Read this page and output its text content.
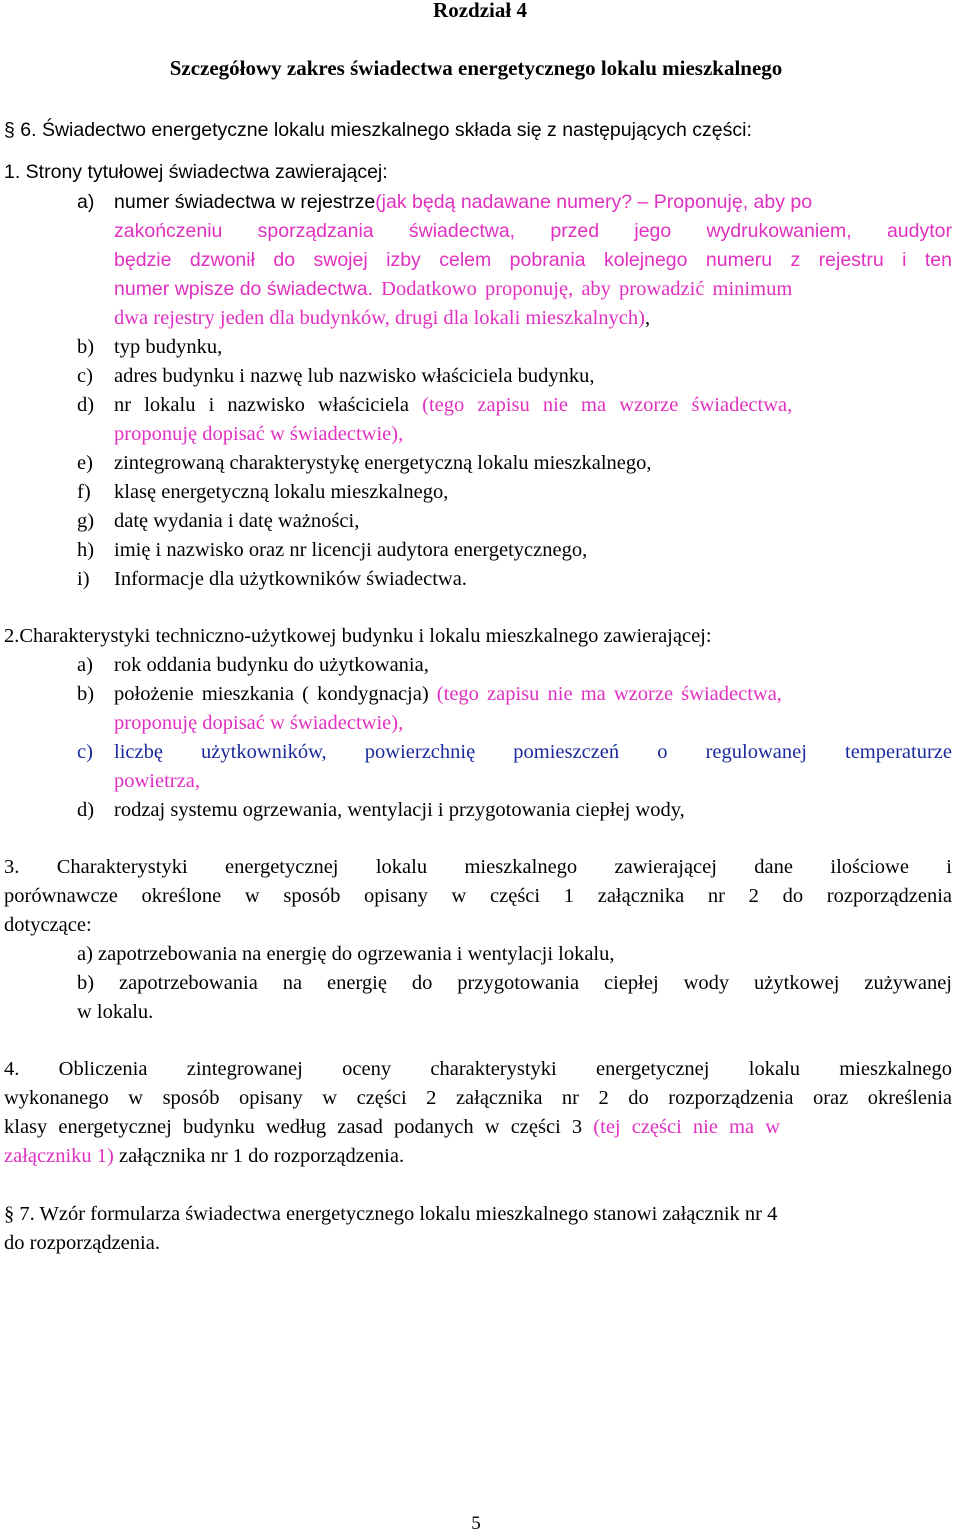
Rozdział 4
Szczegółowy zakres świadectwa energetycznego lokalu mieszkalnego
§ 6. Świadectwo energetyczne lokalu mieszkalnego składa się z następujących części:
1. Strony tytułowej świadectwa zawierającej:
a) numer świadectwa w rejestrze(jak będą nadawane numery? – Proponuję, aby po
zakończeniu sporządzania świadectwa, przed jego wydrukowaniem, audytor
będzie dzwonił do swojej izby celem pobrania kolejnego numeru z rejestru i ten
numer wpisze do świadectwa. Dodatkowo proponuję, aby prowadzić minimum
dwa rejestry jeden dla budynków, drugi dla lokali mieszkalnych),
b) typ budynku,
c) adres budynku i nazwę lub nazwisko właściciela budynku,
d) nr lokalu i nazwisko właściciela (tego zapisu nie ma wzorze świadectwa,
proponuję dopisać w świadectwie),
e) zintegrowaną charakterystykę energetyczną lokalu mieszkalnego,
f) klasę energetyczną lokalu mieszkalnego,
g) datę wydania i datę ważności,
h) imię i nazwisko oraz nr licencji audytora energetycznego,
i) Informacje dla użytkowników świadectwa.
2.Charakterystyki techniczno-użytkowej budynku i lokalu mieszkalnego zawierającej:
a) rok oddania budynku do użytkowania,
b) położenie mieszkania ( kondygnacja) (tego zapisu nie ma wzorze świadectwa,
proponuję dopisać w świadectwie),
c) liczbę użytkowników, powierzchnię pomieszczeń o regulowanej temperaturze
powietrza,
d) rodzaj systemu ogrzewania, wentylacji i przygotowania ciepłej wody,
3. Charakterystyki energetycznej lokalu mieszkalnego zawierającej dane ilościowe i
porównawcze określone w sposób opisany w części 1 załącznika nr 2 do rozporządzenia
dotyczące:
a) zapotrzebowania na energię do ogrzewania i wentylacji lokalu,
b) zapotrzebowania na energię do przygotowania ciepłej wody użytkowej zużywanej
w lokalu.
4. Obliczenia zintegrowanej oceny charakterystyki energetycznej lokalu mieszkalnego
wykonanego w sposób opisany w części 2 załącznika nr 2 do rozporządzenia oraz określenia
klasy energetycznej budynku według zasad podanych w części 3 (tej części nie ma w
załączniku 1) załącznika nr 1 do rozporządzenia.
§ 7. Wzór formularza świadectwa energetycznego lokalu mieszkalnego stanowi załącznik nr 4
do rozporządzenia.
5
